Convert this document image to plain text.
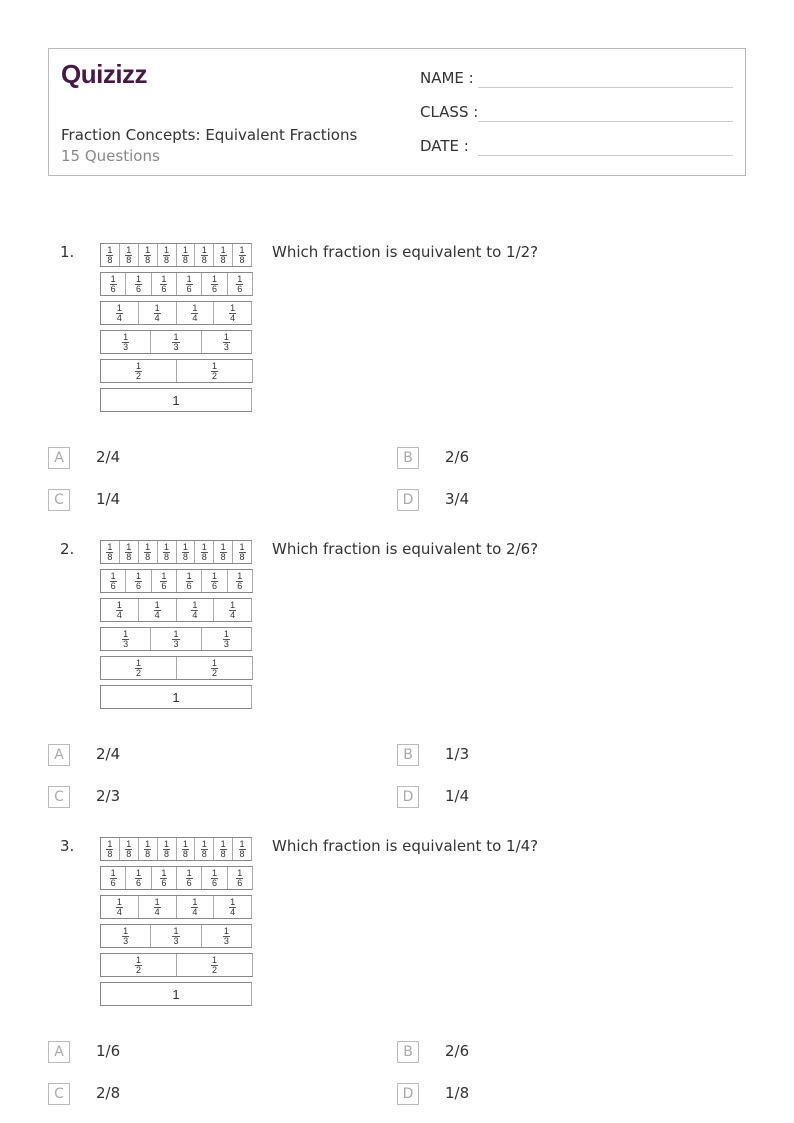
Quizizz
Fraction Concepts: Equivalent Fractions
15 Questions
NAME :
CLASS :
DATE :
1.	1
8
1
8
1
8
1
8
1
8
1
8
1
8
1
8
1
6
1
6
1
6
1
6
1
6
1
6
1
4
1
4
1
4
1
4
1
3
1
3
1
3
1
2
1
2
1
Which fraction is equivalent to 1/2?
A	2/4	B	2/6
C	1/4	D	3/4
2.	1
8
1
8
1
8
1
8
1
8
1
8
1
8
1
8
1
6
1
6
1
6
1
6
1
6
1
6
1
4
1
4
1
4
1
4
1
3
1
3
1
3
1
2
1
2
1
Which fraction is equivalent to 2/6?
A	2/4	B	1/3
C	2/3	D	1/4
3.	1
8
1
8
1
8
1
8
1
8
1
8
1
8
1
8
1
6
1
6
1
6
1
6
1
6
1
6
1
4
1
4
1
4
1
4
1
3
1
3
1
3
1
2
1
2
1
Which fraction is equivalent to 1/4?
A	1/6	B	2/6
C	2/8	D	1/8
